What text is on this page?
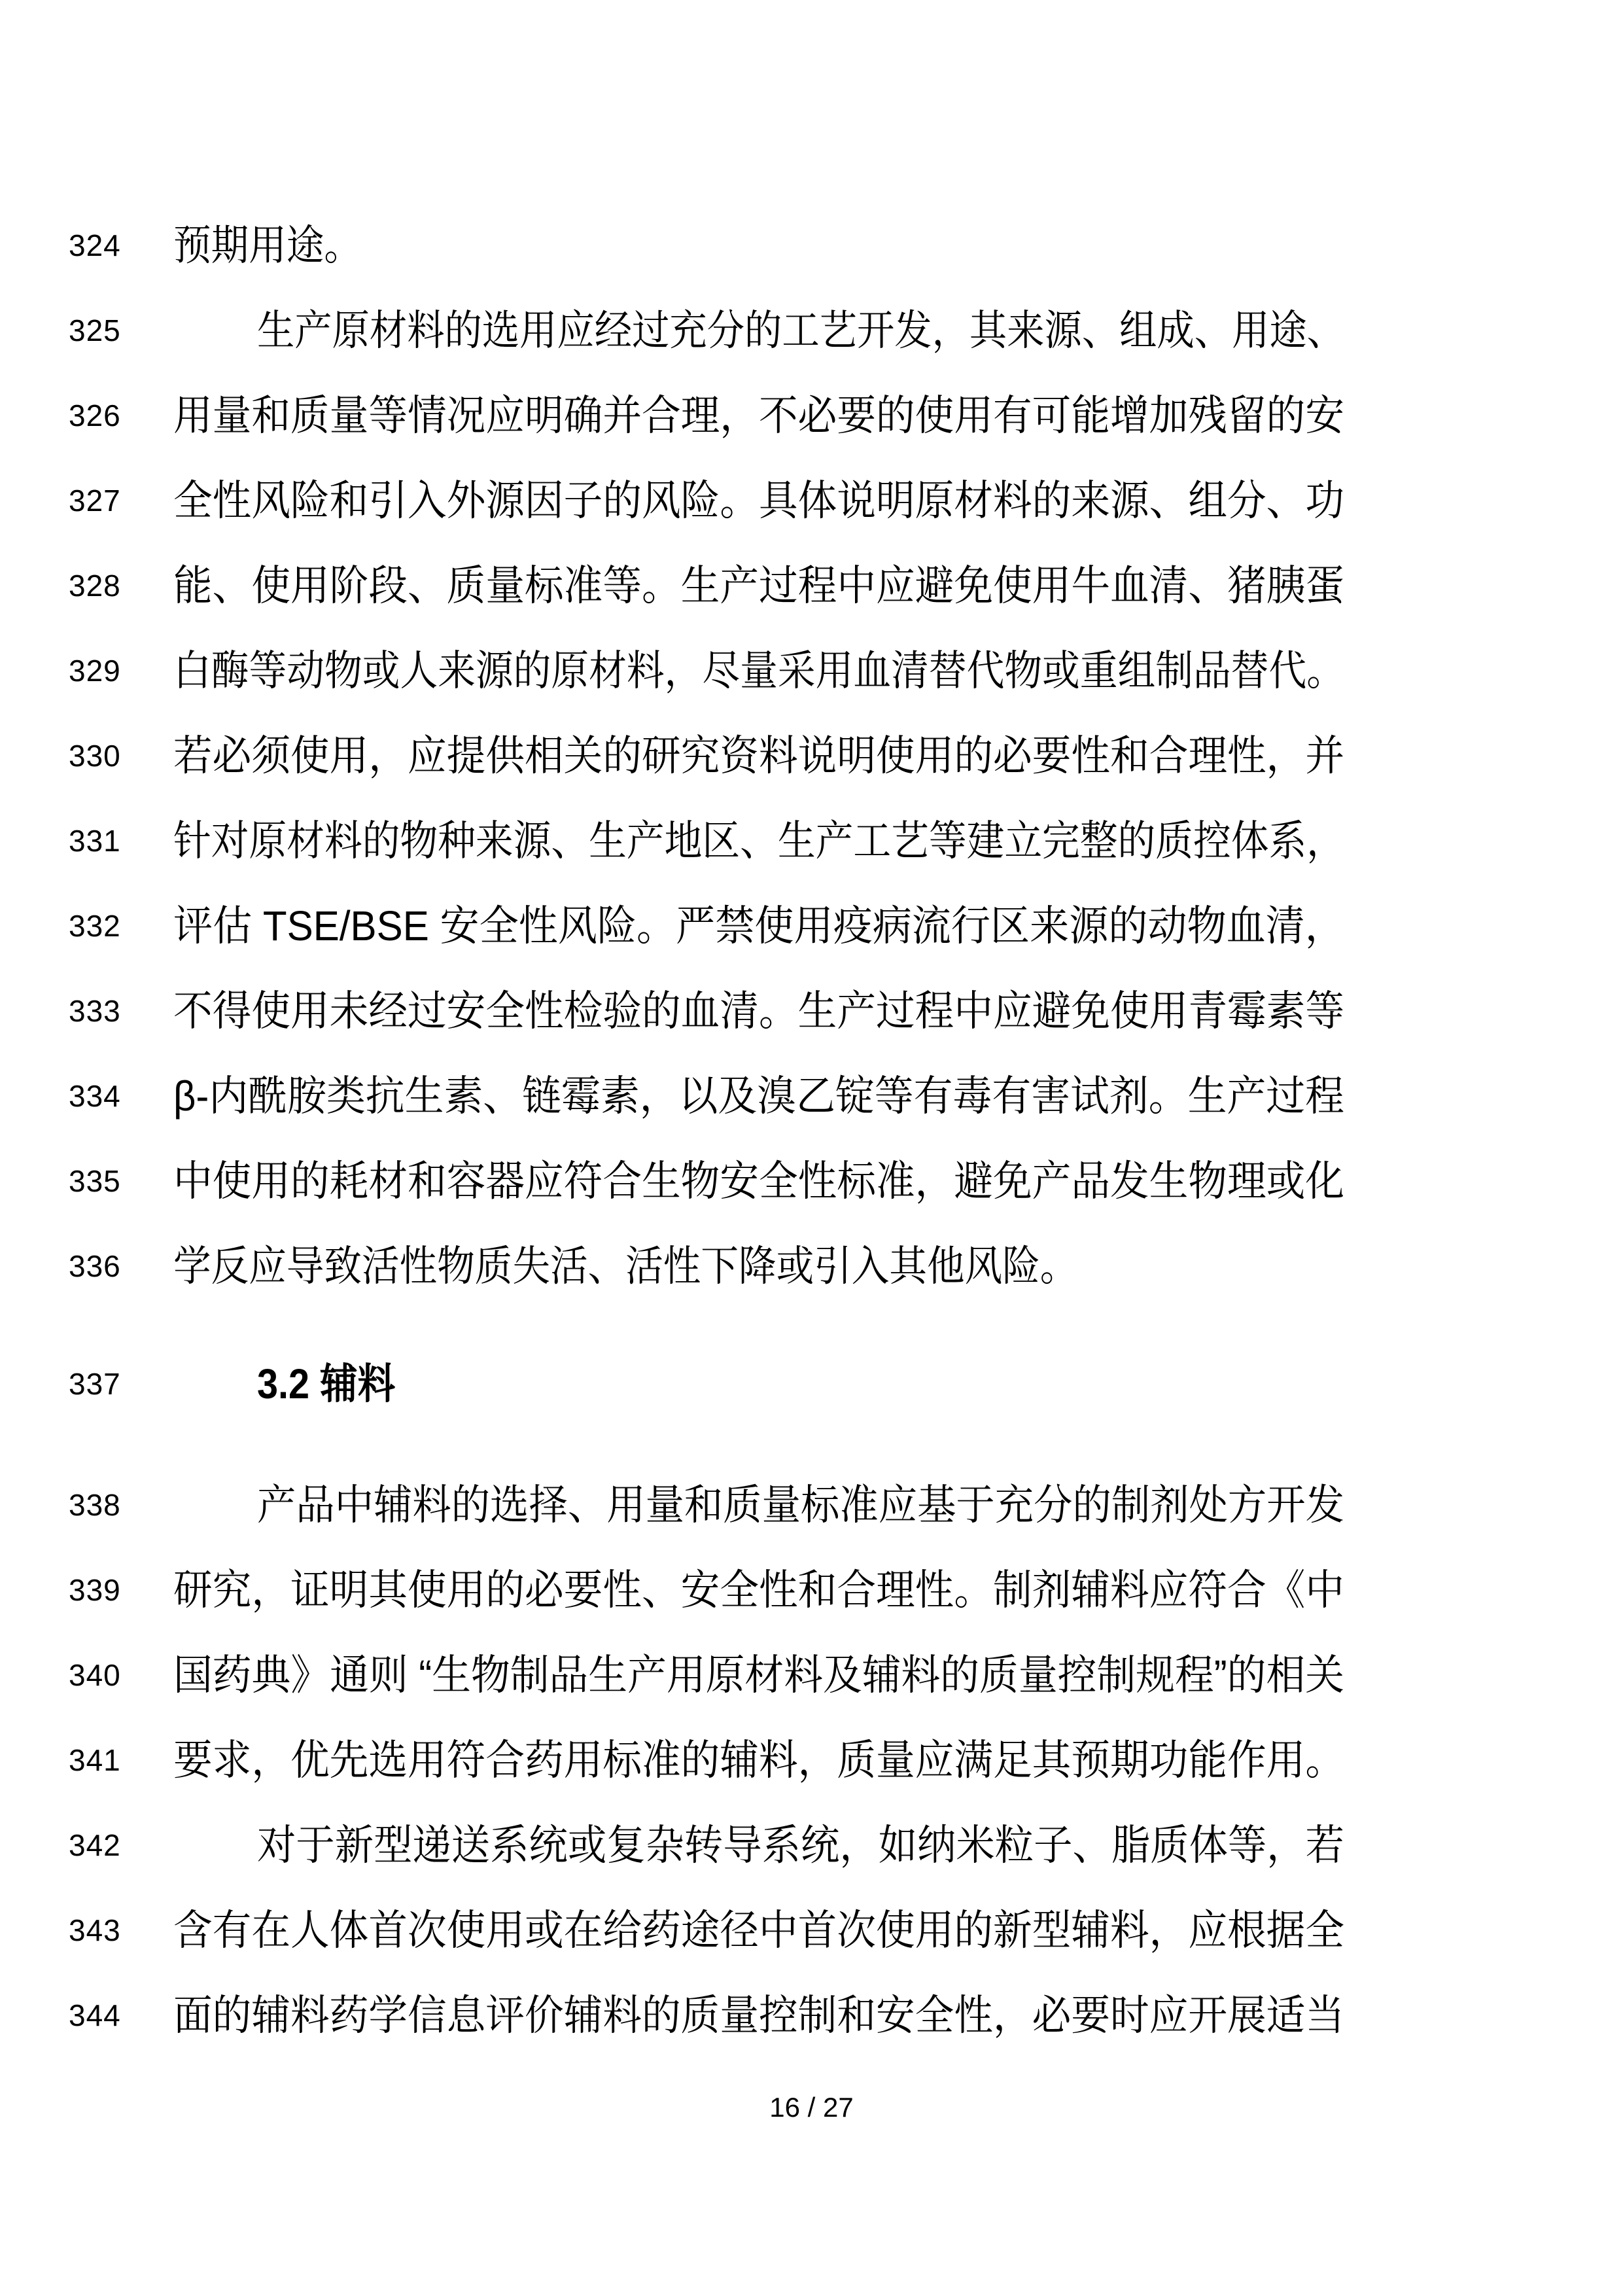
324	预期用途。
325	生产原材料的选用应经过充分的工艺开发，其来源、组成、用途、
326	用量和质量等情况应明确并合理，不必要的使用有可能增加残留的安
327	全性风险和引入外源因子的风险。具体说明原材料的来源、组分、功
328	能、使用阶段、质量标准等。生产过程中应避免使用牛血清、猪胰蛋
329	白酶等动物或人来源的原材料，尽量采用血清替代物或重组制品替代。
330	若必须使用，应提供相关的研究资料说明使用的必要性和合理性，并
331	针对原材料的物种来源、生产地区、生产工艺等建立完整的质控体系，
332	评估 TSE/BSE 安全性风险。严禁使用疫病流行区来源的动物血清，
333	不得使用未经过安全性检验的血清。生产过程中应避免使用青霉素等
334	β-内酰胺类抗生素、链霉素，以及溴乙锭等有毒有害试剂。生产过程
335	中使用的耗材和容器应符合生物安全性标准，避免产品发生物理或化
336	学反应导致活性物质失活、活性下降或引入其他风险。
337	3.2 辅料
338	产品中辅料的选择、用量和质量标准应基于充分的制剂处方开发
339	研究，证明其使用的必要性、安全性和合理性。制剂辅料应符合《中
340	国药典》通则 “生物制品生产用原材料及辅料的质量控制规程”的相关
341	要求，优先选用符合药用标准的辅料，质量应满足其预期功能作用。
342	对于新型递送系统或复杂转导系统，如纳米粒子、脂质体等，若
343	含有在人体首次使用或在给药途径中首次使用的新型辅料，应根据全
344	面的辅料药学信息评价辅料的质量控制和安全性，必要时应开展适当
16 / 27
